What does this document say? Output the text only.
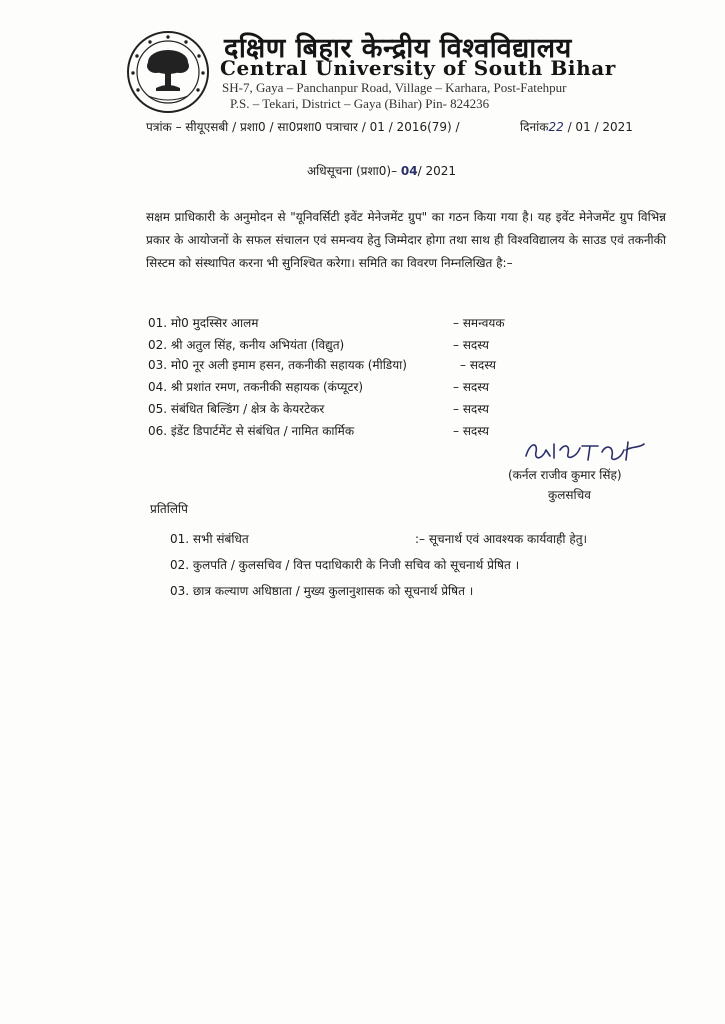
दक्षिण बिहार केन्द्रीय विश्वविद्यालय
Central University of South Bihar
SH-7, Gaya – Panchanpur Road, Village – Karhara, Post-Fatehpur
P.S. – Tekari, District – Gaya (Bihar) Pin- 824236
पत्रांक – सीयूएसबी / प्रशा0 / सा0प्रशा0 पत्राचार / 01 / 2016(79) /	दिनांक22 / 01 / 2021
अधिसूचना (प्रशा0)– 04/ 2021
सक्षम प्राधिकारी के अनुमोदन से "यूनिवर्सिटी इवेंट मेनेजमेंट ग्रुप" का गठन किया गया है। यह इवेंट मेनेजमेंट ग्रुप विभिन्न प्रकार के आयोजनों के सफल संचालन एवं समन्वय हेतु जिम्मेदार होगा तथा साथ ही विश्वविद्यालय के साउड एवं तकनीकी सिस्टम को संस्थापित करना भी सुनिश्चित करेगा। समिति का विवरण निम्नलिखित है:–
01. मो0 मुदस्सिर आलम	– समन्वयक
02. श्री अतुल सिंह, कनीय अभियंता (विद्युत)	– सदस्य
03. मो0 नूर अली इमाम हसन, तकनीकी सहायक (मीडिया)	– सदस्य
04. श्री प्रशांत रमण, तकनीकी सहायक (कंप्यूटर)	– सदस्य
05. संबंधित बिल्डिंग / क्षेत्र के केयरटेकर	– सदस्य
06. इंडेंट डिपार्टमेंट से संबंधित / नामित कार्मिक	– सदस्य
(कर्नल राजीव कुमार सिंह)
कुलसचिव
प्रतिलिपि
01. सभी संबंधित	:– सूचनार्थ एवं आवश्यक कार्यवाही हेतु।
02. कुलपति / कुलसचिव / वित्त पदाधिकारी के निजी सचिव को सूचनार्थ प्रेषित ।
03. छात्र कल्याण अधिष्ठाता / मुख्य कुलानुशासक को सूचनार्थ प्रेषित ।
